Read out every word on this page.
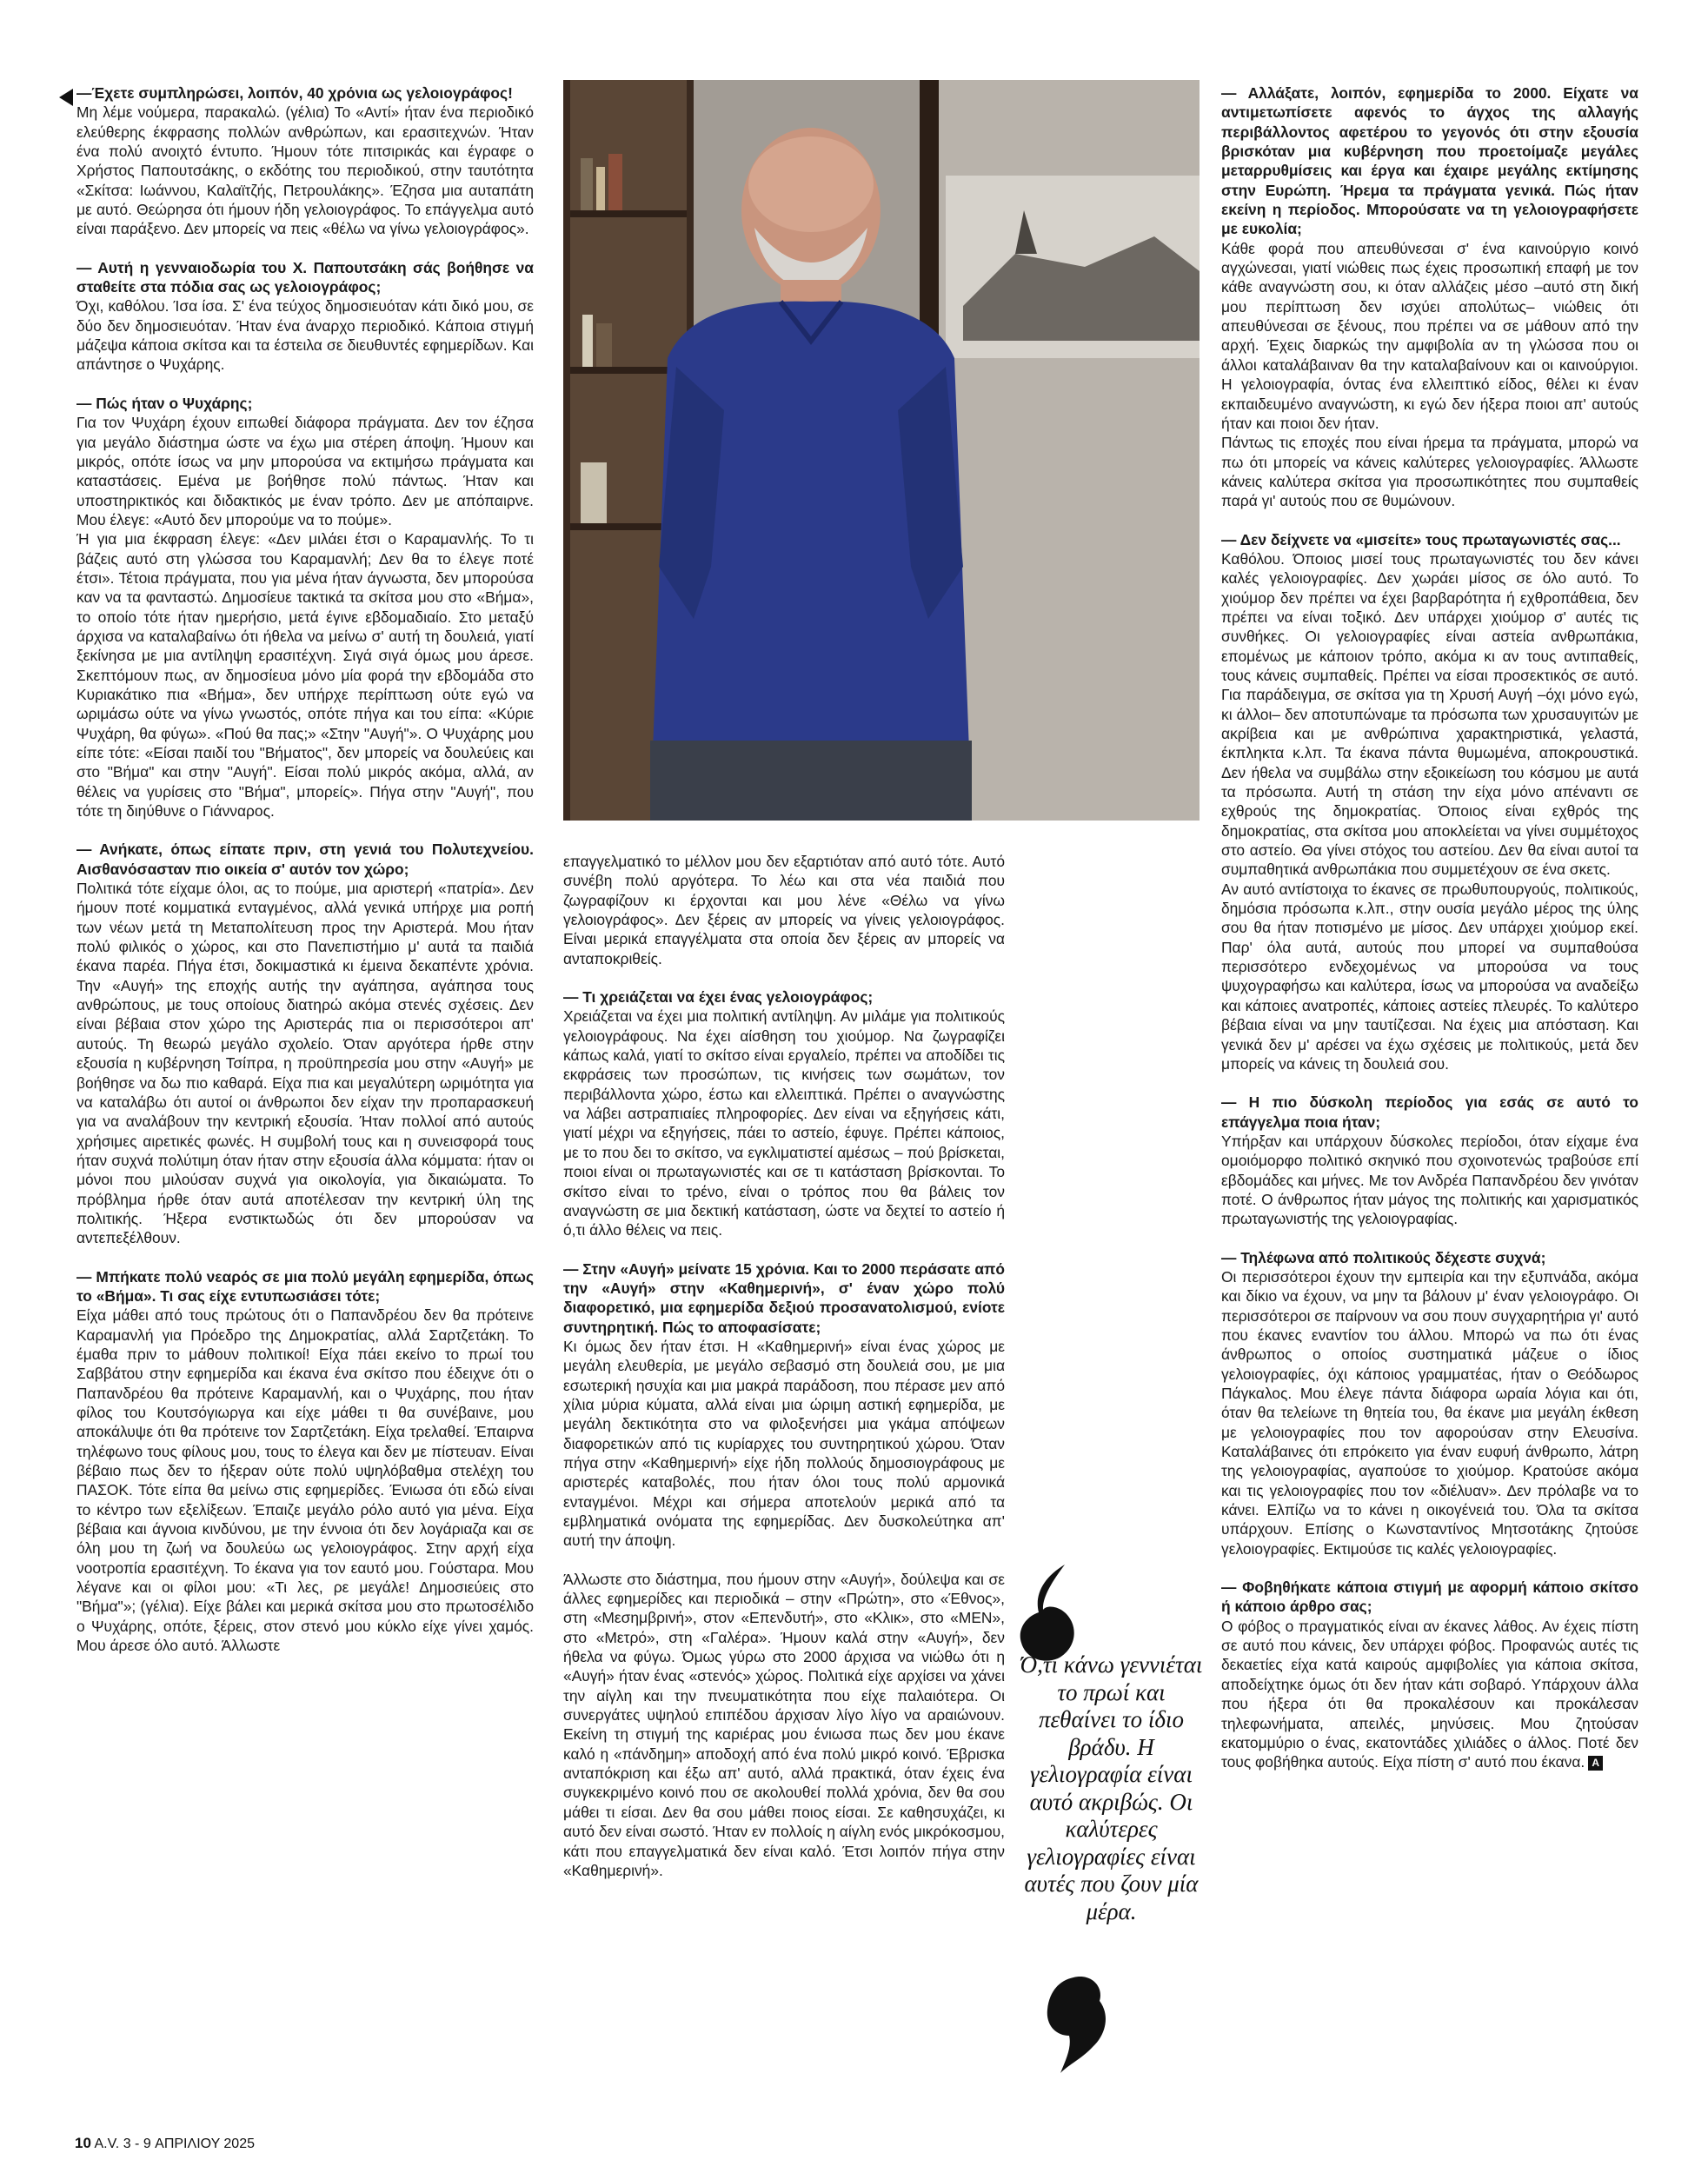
—Έχετε συμπληρώσει, λοιπόν, 40 χρόνια ως γελοιογράφος!

Μη λέμε νούμερα, παρακαλώ. (γέλια) Το «Αντί» ήταν ένα περιοδικό ελεύθερης έκφρασης πολλών ανθρώπων, και ερασιτεχνών. Ήταν ένα πολύ ανοιχτό έντυπο. Ήμουν τότε πιτσιρικάς και έγραφε ο Χρήστος Παπουτσάκης, ο εκδότης του περιοδικού, στην ταυτότητα «Σκίτσα: Ιωάννου, Καλαϊτζής, Πετρουλάκης». Έζησα μια αυταπάτη με αυτό. Θεώρησα ότι ήμουν ήδη γελοιογράφος. Το επάγγελμα αυτό είναι παράξενο. Δεν μπορείς να πεις «θέλω να γίνω γελοιογράφος».

— Αυτή η γενναιοδωρία του Χ. Παπουτσάκη σάς βοήθησε να σταθείτε στα πόδια σας ως γελοιογράφος;

Όχι, καθόλου. Ίσα ίσα. Σ' ένα τεύχος δημοσιευόταν κάτι δικό μου, σε δύο δεν δημοσιευόταν. Ήταν ένα άναρχο περιοδικό. Κάποια στιγμή μάζεψα κάποια σκίτσα και τα έστειλα σε διευθυντές εφημερίδων. Και απάντησε ο Ψυχάρης.

— Πώς ήταν ο Ψυχάρης;

Για τον Ψυχάρη έχουν ειπωθεί διάφορα πράγματα. Δεν τον έζησα για μεγάλο διάστημα ώστε να έχω μια στέρεη άποψη. Ήμουν και μικρός, οπότε ίσως να μην μπορούσα να εκτιμήσω πράγματα και καταστάσεις. Εμένα με βοήθησε πολύ πάντως. Ήταν και υποστηρικτικός και διδακτικός με έναν τρόπο. Δεν με απόπαιρνε. Μου έλεγε: «Αυτό δεν μπορούμε να το πούμε».

Ή για μια έκφραση έλεγε: «Δεν μιλάει έτσι ο Καραμανλής. Το τι βάζεις αυτό στη γλώσσα του Καραμανλή; Δεν θα το έλεγε ποτέ έτσι». Τέτοια πράγματα, που για μένα ήταν άγνωστα, δεν μπορούσα καν να τα φανταστώ. Δημοσίευε τακτικά τα σκίτσα μου στο «Βήμα», το οποίο τότε ήταν ημερήσιο, μετά έγινε εβδομαδιαίο. Στο μεταξύ άρχισα να καταλαβαίνω ότι ήθελα να μείνω σ' αυτή τη δουλειά, γιατί ξεκίνησα με μια αντίληψη ερασιτέχνη. Σιγά σιγά όμως μου άρεσε. Σκεπτόμουν πως, αν δημοσίευα μόνο μία φορά την εβδομάδα στο Κυριακάτικο πια «Βήμα», δεν υπήρχε περίπτωση ούτε εγώ να ωριμάσω ούτε να γίνω γνωστός, οπότε πήγα και του είπα: «Κύριε Ψυχάρη, θα φύγω». «Πού θα πας;» «Στην "Αυγή"». Ο Ψυχάρης μου είπε τότε: «Είσαι παιδί του "Βήματος", δεν μπορείς να δουλεύεις και στο "Βήμα" και στην "Αυγή". Είσαι πολύ μικρός ακόμα, αλλά, αν θέλεις να γυρίσεις στο "Βήμα", μπορείς». Πήγα στην "Αυγή", που τότε τη διηύθυνε ο Γιάνναρος.

— Ανήκατε, όπως είπατε πριν, στη γενιά του Πολυτεχνείου. Αισθανόσασταν πιο οικεία σ' αυτόν τον χώρο;

Πολιτικά τότε είχαμε όλοι, ας το πούμε, μια αριστερή «πατρία». Δεν ήμουν ποτέ κομματικά ενταγμένος, αλλά γενικά υπήρχε μια ροπή των νέων μετά τη Μεταπολίτευση προς την Αριστερά. Μου ήταν πολύ φιλικός ο χώρος, και στο Πανεπιστήμιο μ' αυτά τα παιδιά έκανα παρέα. Πήγα έτσι, δοκιμαστικά κι έμεινα δεκαπέντε χρόνια. Την «Αυγή» της εποχής αυτής την αγάπησα, αγάπησα τους ανθρώπους, με τους οποίους διατηρώ ακόμα στενές σχέσεις. Δεν είναι βέβαια στον χώρο της Αριστεράς πια οι περισσότεροι απ' αυτούς. Τη θεωρώ μεγάλο σχολείο. Όταν αργότερα ήρθε στην εξουσία η κυβέρνηση Τσίπρα, η προϋπηρεσία μου στην «Αυγή» με βοήθησε να δω πιο καθαρά. Είχα πια και μεγαλύτερη ωριμότητα για να καταλάβω ότι αυτοί οι άνθρωποι δεν είχαν την προπαρασκευή για να αναλάβουν την κεντρική εξουσία. Ήταν πολλοί από αυτούς χρήσιμες αιρετικές φωνές. Η συμβολή τους και η συνεισφορά τους ήταν συχνά πολύτιμη όταν ήταν στην εξουσία άλλα κόμματα: ήταν οι μόνοι που μιλούσαν συχνά για οικολογία, για δικαιώματα. Το πρόβλημα ήρθε όταν αυτά αποτέλεσαν την κεντρική ύλη της πολιτικής. Ήξερα ενστικτωδώς ότι δεν μπορούσαν να αντεπεξέλθουν.

— Μπήκατε πολύ νεαρός σε μια πολύ μεγάλη εφημερίδα, όπως το «Βήμα». Τι σας είχε εντυπωσιάσει τότε;

Είχα μάθει από τους πρώτους ότι ο Παπανδρέου δεν θα πρότεινε Καραμανλή για Πρόεδρο της Δημοκρατίας, αλλά Σαρτζετάκη. Το έμαθα πριν το μάθουν πολιτικοί! Είχα πάει εκείνο το πρωί του Σαββάτου στην εφημερίδα και έκανα ένα σκίτσο που έδειχνε ότι ο Παπανδρέου θα πρότεινε Καραμανλή, και ο Ψυχάρης, που ήταν φίλος του Κουτσόγιωργα και είχε μάθει τι θα συνέβαινε, μου αποκάλυψε ότι θα πρότεινε τον Σαρτζετάκη. Είχα τρελαθεί. Έπαιρνα τηλέφωνο τους φίλους μου, τους το έλεγα και δεν με πίστευαν. Είναι βέβαιο πως δεν το ήξεραν ούτε πολύ υψηλόβαθμα στελέχη του ΠΑΣΟΚ. Τότε είπα θα μείνω στις εφημερίδες. Ένιωσα ότι εδώ είναι το κέντρο των εξελίξεων. Έπαιζε μεγάλο ρόλο αυτό για μένα. Είχα βέβαια και άγνοια κινδύνου, με την έννοια ότι δεν λογάριαζα και σε όλη μου τη ζωή να δουλεύω ως γελοιογράφος. Στην αρχή είχα νοοτροπία ερασιτέχνη. Το έκανα για τον εαυτό μου. Γούσταρα. Μου λέγανε και οι φίλοι μου: «Τι λες, ρε μεγάλε! Δημοσιεύεις στο "Βήμα"»; (γέλια). Είχε βάλει και μερικά σκίτσα μου στο πρωτοσέλιδο ο Ψυχάρης, οπότε, ξέρεις, στον στενό μου κύκλο είχε γίνει χαμός. Μου άρεσε όλο αυτό. Άλλωστε

επαγγελματικό το μέλλον μου δεν εξαρτιόταν από αυτό τότε. Αυτό συνέβη πολύ αργότερα. Το λέω και στα νέα παιδιά που ζωγραφίζουν κι έρχονται και μου λένε «Θέλω να γίνω γελοιογράφος». Δεν ξέρεις αν μπορείς να γίνεις γελοιογράφος. Είναι μερικά επαγγέλματα στα οποία δεν ξέρεις αν μπορείς να ανταποκριθείς.

— Τι χρειάζεται να έχει ένας γελοιογράφος;

Χρειάζεται να έχει μια πολιτική αντίληψη. Αν μιλάμε για πολιτικούς γελοιογράφους. Να έχει αίσθηση του χιούμορ. Να ζωγραφίζει κάπως καλά, γιατί το σκίτσο είναι εργαλείο, πρέπει να αποδίδει τις εκφράσεις των προσώπων, τις κινήσεις των σωμάτων, τον περιβάλλοντα χώρο, έστω και ελλειπτικά. Πρέπει ο αναγνώστης να λάβει αστραπιαίες πληροφορίες. Δεν είναι να εξηγήσεις κάτι, γιατί μέχρι να εξηγήσεις, πάει το αστείο, έφυγε. Πρέπει κάποιος, με το που δει το σκίτσο, να εγκλιματιστεί αμέσως – πού βρίσκεται, ποιοι είναι οι πρωταγωνιστές και σε τι κατάσταση βρίσκονται. Το σκίτσο είναι το τρένο, είναι ο τρόπος που θα βάλεις τον αναγνώστη σε μια δεκτική κατάσταση, ώστε να δεχτεί το αστείο ή ό,τι άλλο θέλεις να πεις.

— Στην «Αυγή» μείνατε 15 χρόνια. Και το 2000 περάσατε από την «Αυγή» στην «Καθημερινή», σ' έναν χώρο πολύ διαφορετικό, μια εφημερίδα δεξιού προσανατολισμού, ενίοτε συντηρητική. Πώς το αποφασίσατε;

Κι όμως δεν ήταν έτσι. Η «Καθημερινή» είναι ένας χώρος με μεγάλη ελευθερία, με μεγάλο σεβασμό στη δουλειά σου, με μια εσωτερική ησυχία και μια μακρά παράδοση, που πέρασε μεν από χίλια μύρια κύματα, αλλά είναι μια ώριμη αστική εφημερίδα, με μεγάλη δεκτικότητα στο να φιλοξενήσει μια γκάμα απόψεων διαφορετικών από τις κυρίαρχες του συντηρητικού χώρου. Όταν πήγα στην «Καθημερινή» είχε ήδη πολλούς δημοσιογράφους με αριστερές καταβολές, που ήταν όλοι τους πολύ αρμονικά ενταγμένοι. Μέχρι και σήμερα αποτελούν μερικά από τα εμβληματικά ονόματα της εφημερίδας. Δεν δυσκολεύτηκα απ' αυτή την άποψη.

Άλλωστε στο διάστημα, που ήμουν στην «Αυγή», δούλεψα και σε άλλες εφημερίδες και περιοδικά – στην «Πρώτη», στο «Έθνος», στη «Μεσημβρινή», στον «Επενδυτή», στο «Κλικ», στο «ΜΕΝ», στο «Μετρό», στη «Γαλέρα». Ήμουν καλά στην «Αυγή», δεν ήθελα να φύγω. Όμως γύρω στο 2000 άρχισα να νιώθω ότι η «Αυγή» ήταν ένας «στενός» χώρος. Πολιτικά είχε αρχίσει να χάνει την αίγλη και την πνευματικότητα που είχε παλαιότερα. Οι συνεργάτες υψηλού επιπέδου άρχισαν λίγο λίγο να αραιώνουν. Εκείνη τη στιγμή της καριέρας μου ένιωσα πως δεν μου έκανε καλό η «πάνδημη» αποδοχή από ένα πολύ μικρό κοινό. Έβρισκα ανταπόκριση και έξω απ' αυτό, αλλά πρακτικά, όταν έχεις ένα συγκεκριμένο κοινό που σε ακολουθεί πολλά χρόνια, δεν θα σου μάθει τι είσαι. Δεν θα σου μάθει ποιος είσαι. Σε καθησυχάζει, κι αυτό δεν είναι σωστό. Ήταν εν πολλοίς η αίγλη ενός μικρόκοσμου, κάτι που επαγγελματικά δεν είναι καλό. Έτσι λοιπόν πήγα στην «Καθημερινή».

Ό,τι κάνω γεννιέται το πρωί και πεθαίνει το ίδιο βράδυ. Η γελιογραφία είναι αυτό ακριβώς. Οι καλύτερες γελιογραφίες είναι αυτές που ζουν μία μέρα.

— Αλλάξατε, λοιπόν, εφημερίδα το 2000. Είχατε να αντιμετωπίσετε αφενός το άγχος της αλλαγής περιβάλλοντος αφετέρου το γεγονός ότι στην εξουσία βρισκόταν μια κυβέρνηση που προετοίμαζε μεγάλες μεταρρυθμίσεις και έργα και έχαιρε μεγάλης εκτίμησης στην Ευρώπη. Ήρεμα τα πράγματα γενικά. Πώς ήταν εκείνη η περίοδος. Μπορούσατε να τη γελοιογραφήσετε με ευκολία;

Κάθε φορά που απευθύνεσαι σ' ένα καινούργιο κοινό αγχώνεσαι, γιατί νιώθεις πως έχεις προσωπική επαφή με τον κάθε αναγνώστη σου, κι όταν αλλάζεις μέσο –αυτό στη δική μου περίπτωση δεν ισχύει απολύτως– νιώθεις ότι απευθύνεσαι σε ξένους, που πρέπει να σε μάθουν από την αρχή. Έχεις διαρκώς την αμφιβολία αν τη γλώσσα που οι άλλοι καταλάβαιναν θα την καταλαβαίνουν και οι καινούργιοι. Η γελοιογραφία, όντας ένα ελλειπτικό είδος, θέλει κι έναν εκπαιδευμένο αναγνώστη, κι εγώ δεν ήξερα ποιοι απ' αυτούς ήταν και ποιοι δεν ήταν.

Πάντως τις εποχές που είναι ήρεμα τα πράγματα, μπορώ να πω ότι μπορείς να κάνεις καλύτερες γελοιογραφίες. Άλλωστε κάνεις καλύτερα σκίτσα για προσωπικότητες που συμπαθείς παρά γι' αυτούς που σε θυμώνουν.

— Δεν δείχνετε να «μισείτε» τους πρωταγωνιστές σας...

Καθόλου. Όποιος μισεί τους πρωταγωνιστές του δεν κάνει καλές γελοιογραφίες. Δεν χωράει μίσος σε όλο αυτό. Το χιούμορ δεν πρέπει να έχει βαρβαρότητα ή εχθροπάθεια, δεν πρέπει να είναι τοξικό. Δεν υπάρχει χιούμορ σ' αυτές τις συνθήκες. Οι γελοιογραφίες είναι αστεία ανθρωπάκια, επομένως με κάποιον τρόπο, ακόμα κι αν τους αντιπαθείς, τους κάνεις συμπαθείς. Πρέπει να είσαι προσεκτικός σε αυτό. Για παράδειγμα, σε σκίτσα για τη Χρυσή Αυγή –όχι μόνο εγώ, κι άλλοι– δεν αποτυπώναμε τα πρόσωπα των χρυσαυγιτών με ακρίβεια και με ανθρώπινα χαρακτηριστικά, γελαστά, έκπληκτα κ.λπ. Τα έκανα πάντα θυμωμένα, αποκρουστικά. Δεν ήθελα να συμβάλω στην εξοικείωση του κόσμου με αυτά τα πρόσωπα. Αυτή τη στάση την είχα μόνο απέναντι σε εχθρούς της δημοκρατίας. Όποιος είναι εχθρός της δημοκρατίας, στα σκίτσα μου αποκλείεται να γίνει συμμέτοχος στο αστείο. Θα γίνει στόχος του αστείου. Δεν θα είναι αυτοί τα συμπαθητικά ανθρωπάκια που συμμετέχουν σε ένα σκετς.

Αν αυτό αντίστοιχα το έκανες σε πρωθυπουργούς, πολιτικούς, δημόσια πρόσωπα κ.λπ., στην ουσία μεγάλο μέρος της ύλης σου θα ήταν ποτισμένο με μίσος. Δεν υπάρχει χιούμορ εκεί. Παρ' όλα αυτά, αυτούς που μπορεί να συμπαθούσα περισσότερο ενδεχομένως να μπορούσα να τους ψυχογραφήσω και καλύτερα, ίσως να μπορούσα να αναδείξω και κάποιες ανατροπές, κάποιες αστείες πλευρές. Το καλύτερο βέβαια είναι να μην ταυτίζεσαι. Να έχεις μια απόσταση. Και γενικά δεν μ' αρέσει να έχω σχέσεις με πολιτικούς, μετά δεν μπορείς να κάνεις τη δουλειά σου.

— Η πιο δύσκολη περίοδος για εσάς σε αυτό το επάγγελμα ποια ήταν;

Υπήρξαν και υπάρχουν δύσκολες περίοδοι, όταν είχαμε ένα ομοιόμορφο πολιτικό σκηνικό που σχοινοτενώς τραβούσε επί εβδομάδες και μήνες. Με τον Ανδρέα Παπανδρέου δεν γινόταν ποτέ. Ο άνθρωπος ήταν μάγος της πολιτικής και χαρισματικός πρωταγωνιστής της γελοιογραφίας.

— Τηλέφωνα από πολιτικούς δέχεστε συχνά;

Οι περισσότεροι έχουν την εμπειρία και την εξυπνάδα, ακόμα και δίκιο να έχουν, να μην τα βάλουν μ' έναν γελοιογράφο. Οι περισσότεροι σε παίρνουν να σου πουν συγχαρητήρια γι' αυτό που έκανες εναντίον του άλλου. Μπορώ να πω ότι ένας άνθρωπος ο οποίος συστηματικά μάζευε ο ίδιος γελοιογραφίες, όχι κάποιος γραμματέας, ήταν ο Θεόδωρος Πάγκαλος. Μου έλεγε πάντα διάφορα ωραία λόγια και ότι, όταν θα τελείωνε τη θητεία του, θα έκανε μια μεγάλη έκθεση με γελοιογραφίες που τον αφορούσαν στην Ελευσίνα. Καταλάβαινες ότι επρόκειτο για έναν ευφυή άνθρωπο, λάτρη της γελοιογραφίας, αγαπούσε το χιούμορ. Κρατούσε ακόμα και τις γελοιογραφίες που τον «διέλυαν». Δεν πρόλαβε να το κάνει. Ελπίζω να το κάνει η οικογένειά του. Όλα τα σκίτσα υπάρχουν. Επίσης ο Κωνσταντίνος Μητσοτάκης ζητούσε γελοιογραφίες. Εκτιμούσε τις καλές γελοιογραφίες.

— Φοβηθήκατε κάποια στιγμή με αφορμή κάποιο σκίτσο ή κάποιο άρθρο σας;

Ο φόβος ο πραγματικός είναι αν έκανες λάθος. Αν έχεις πίστη σε αυτό που κάνεις, δεν υπάρχει φόβος. Προφανώς αυτές τις δεκαετίες είχα κατά καιρούς αμφιβολίες για κάποια σκίτσα, αποδείχτηκε όμως ότι δεν ήταν κάτι σοβαρό. Υπάρχουν άλλα που ήξερα ότι θα προκαλέσουν και προκάλεσαν τηλεφωνήματα, απειλές, μηνύσεις. Μου ζητούσαν εκατομμύριο ο ένας, εκατοντάδες χιλιάδες ο άλλος. Ποτέ δεν τους φοβήθηκα αυτούς. Είχα πίστη σ' αυτό που έκανα. Α

10 Α.V. 3 - 9 ΑΠΡΙΛΙΟΥ 2025
